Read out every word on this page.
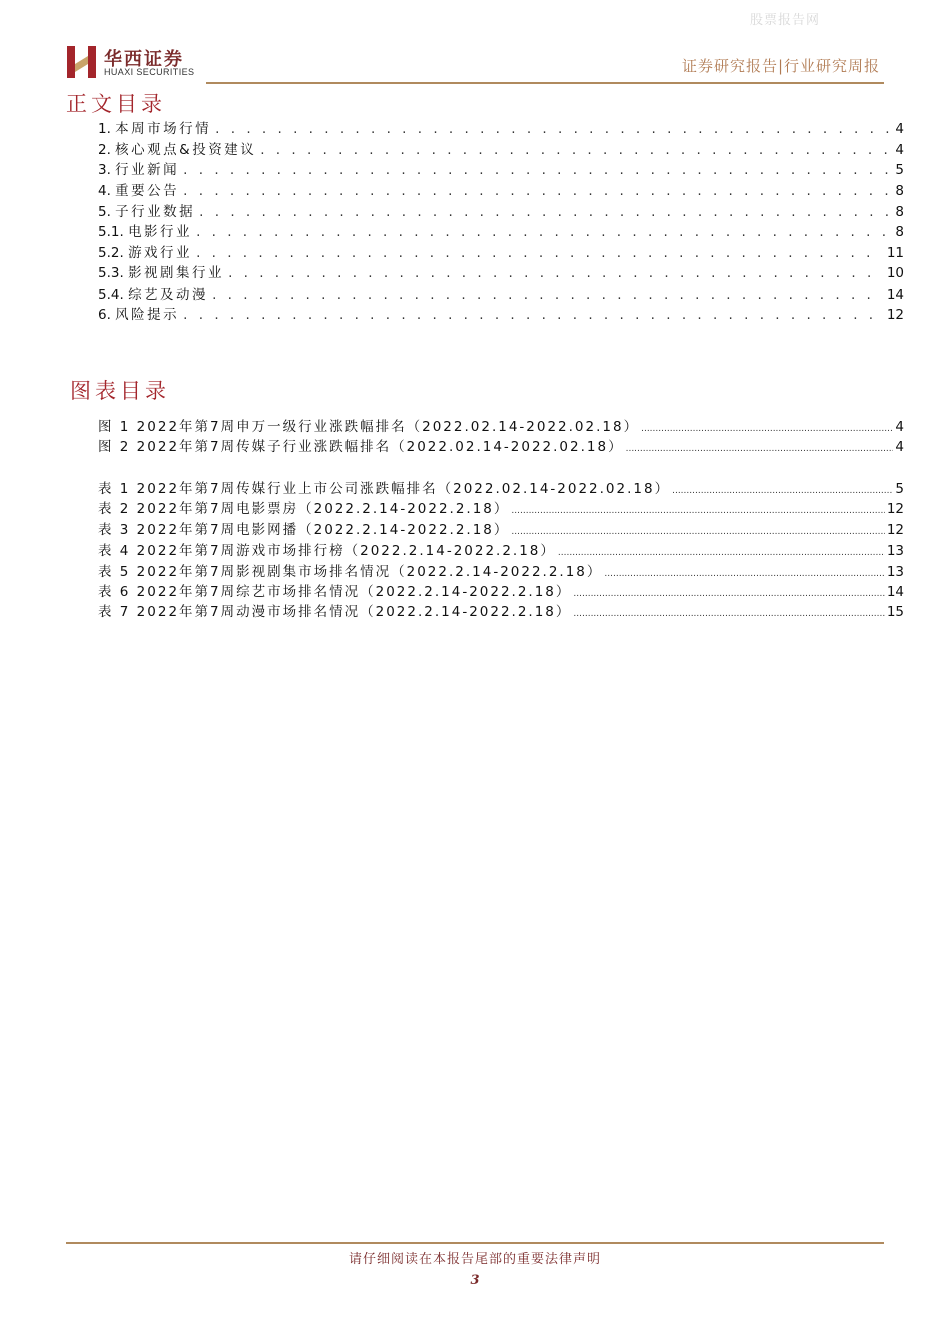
股票报告网
华西证券
HUAXI SECURITIES	证券研究报告|行业研究周报
正文目录
1. 本周市场行情 . . .	4
2. 核心观点&投资建议 . . .	4
3. 行业新闻 . . .	5
4. 重要公告 . . .	8
5. 子行业数据 . . .	8
5.1. 电影行业 . . .	8
5.2. 游戏行业 . . .	11
5.3. 影视剧集行业 . . .	10
5.4. 综艺及动漫 . . .	14
6. 风险提示 . . .	12
图表目录
图 1 2022年第7周申万一级行业涨跌幅排名（2022.02.14-2022.02.18） .....	4
图 2 2022年第7周传媒子行业涨跌幅排名（2022.02.14-2022.02.18） .....	4
表 1 2022年第7周传媒行业上市公司涨跌幅排名（2022.02.14-2022.02.18） .....	5
表 2 2022年第7周电影票房（2022.2.14-2022.2.18） .....	12
表 3 2022年第7周电影网播（2022.2.14-2022.2.18） .....	12
表 4 2022年第7周游戏市场排行榜（2022.2.14-2022.2.18） .....	13
表 5 2022年第7周影视剧集市场排名情况（2022.2.14-2022.2.18） .....	13
表 6 2022年第7周综艺市场排名情况（2022.2.14-2022.2.18） .....	14
表 7 2022年第7周动漫市场排名情况（2022.2.14-2022.2.18） .....	15
请仔细阅读在本报告尾部的重要法律声明
3
